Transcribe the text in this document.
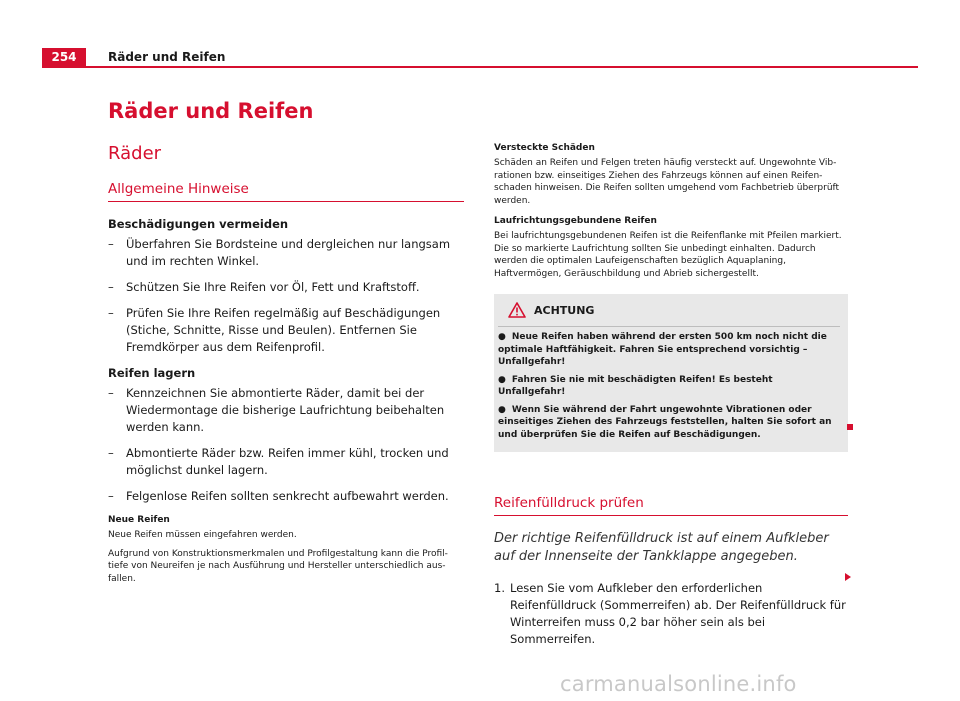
254	Räder und Reifen
Räder und Reifen
Räder
Allgemeine Hinweise
Beschädigungen vermeiden
– Überfahren Sie Bordsteine und dergleichen nur langsam und im rechten Winkel.
– Schützen Sie Ihre Reifen vor Öl, Fett und Kraftstoff.
– Prüfen Sie Ihre Reifen regelmäßig auf Beschädigungen (Stiche, Schnitte, Risse und Beulen). Entfernen Sie Fremdkörper aus dem Reifenprofil.
Reifen lagern
– Kennzeichnen Sie abmontierte Räder, damit bei der Wiedermontage die bisherige Laufrichtung beibehalten werden kann.
– Abmontierte Räder bzw. Reifen immer kühl, trocken und möglichst dunkel lagern.
– Felgenlose Reifen sollten senkrecht aufbewahrt werden.
Neue Reifen

Neue Reifen müssen eingefahren werden.

Aufgrund von Konstruktionsmerkmalen und Profilgestaltung kann die Profiltiefe von Neureifen je nach Ausführung und Hersteller unterschiedlich ausfallen.

Versteckte Schäden

Schäden an Reifen und Felgen treten häufig versteckt auf. Ungewohnte Vibrationen bzw. einseitiges Ziehen des Fahrzeugs können auf einen Reifenschaden hinweisen. Die Reifen sollten umgehend vom Fachbetrieb überprüft werden.

Laufrichtungsgebundene Reifen

Bei laufrichtungsgebundenen Reifen ist die Reifenflanke mit Pfeilen markiert. Die so markierte Laufrichtung sollten Sie unbedingt einhalten. Dadurch werden die optimalen Laufeigenschaften bezüglich Aquaplaning, Haftvermögen, Geräuschbildung und Abrieb sichergestellt.

ACHTUNG

● Neue Reifen haben während der ersten 500 km noch nicht die optimale Haftfähigkeit. Fahren Sie entsprechend vorsichtig – Unfallgefahr!

● Fahren Sie nie mit beschädigten Reifen! Es besteht Unfallgefahr!

● Wenn Sie während der Fahrt ungewohnte Vibrationen oder einseitiges Ziehen des Fahrzeugs feststellen, halten Sie sofort an und überprüfen Sie die Reifen auf Beschädigungen.

Reifenfülldruck prüfen

Der richtige Reifenfülldruck ist auf einem Aufkleber auf der Innenseite der Tankklappe angegeben.

1. Lesen Sie vom Aufkleber den erforderlichen Reifenfülldruck (Sommerreifen) ab. Der Reifenfülldruck für Winterreifen muss 0,2 bar höher sein als bei Sommerreifen.
carmanualsonline.info
